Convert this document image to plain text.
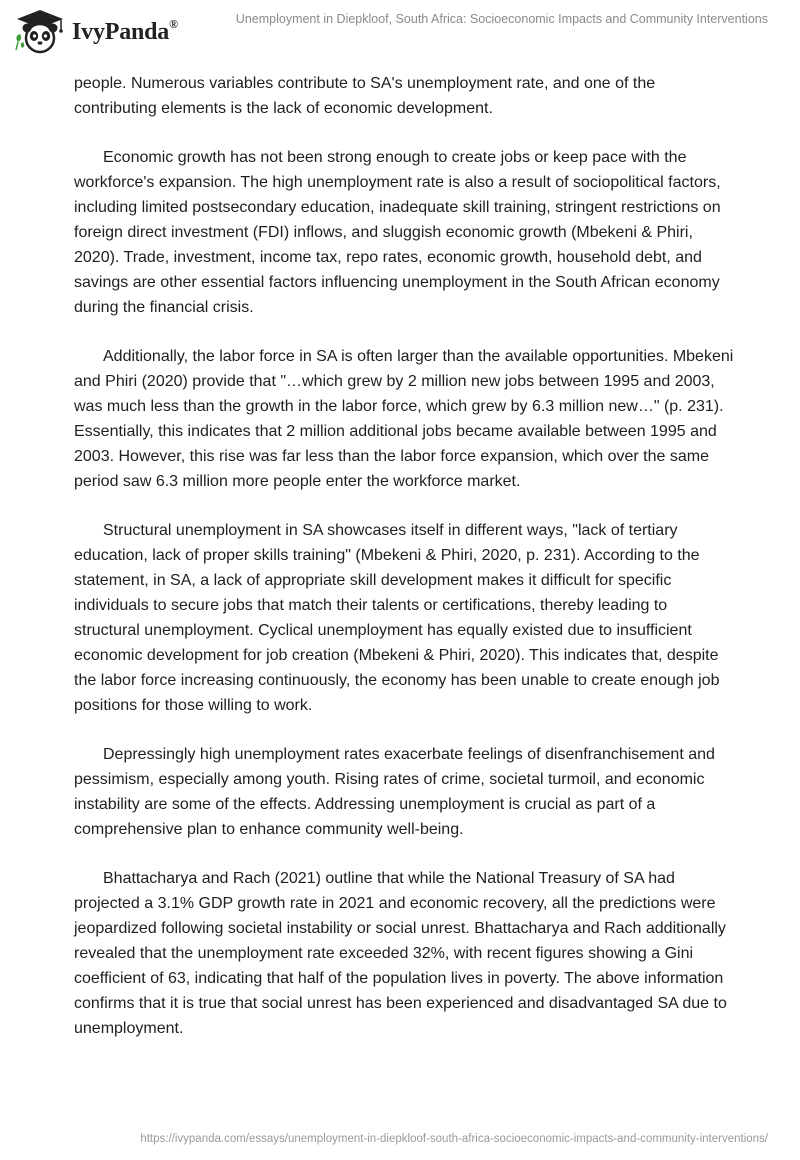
IvyPanda®	Unemployment in Diepkloof, South Africa: Socioeconomic Impacts and Community Interventions

people. Numerous variables contribute to SA's unemployment rate, and one of the contributing elements is the lack of economic development.

Economic growth has not been strong enough to create jobs or keep pace with the workforce's expansion. The high unemployment rate is also a result of sociopolitical factors, including limited postsecondary education, inadequate skill training, stringent restrictions on foreign direct investment (FDI) inflows, and sluggish economic growth (Mbekeni & Phiri, 2020). Trade, investment, income tax, repo rates, economic growth, household debt, and savings are other essential factors influencing unemployment in the South African economy during the financial crisis.

Additionally, the labor force in SA is often larger than the available opportunities. Mbekeni and Phiri (2020) provide that "…which grew by 2 million new jobs between 1995 and 2003, was much less than the growth in the labor force, which grew by 6.3 million new…" (p. 231). Essentially, this indicates that 2 million additional jobs became available between 1995 and 2003. However, this rise was far less than the labor force expansion, which over the same period saw 6.3 million more people enter the workforce market.

Structural unemployment in SA showcases itself in different ways, "lack of tertiary education, lack of proper skills training" (Mbekeni & Phiri, 2020, p. 231). According to the statement, in SA, a lack of appropriate skill development makes it difficult for specific individuals to secure jobs that match their talents or certifications, thereby leading to structural unemployment. Cyclical unemployment has equally existed due to insufficient economic development for job creation (Mbekeni & Phiri, 2020). This indicates that, despite the labor force increasing continuously, the economy has been unable to create enough job positions for those willing to work.

Depressingly high unemployment rates exacerbate feelings of disenfranchisement and pessimism, especially among youth. Rising rates of crime, societal turmoil, and economic instability are some of the effects. Addressing unemployment is crucial as part of a comprehensive plan to enhance community well-being.

Bhattacharya and Rach (2021) outline that while the National Treasury of SA had projected a 3.1% GDP growth rate in 2021 and economic recovery, all the predictions were jeopardized following societal instability or social unrest. Bhattacharya and Rach additionally revealed that the unemployment rate exceeded 32%, with recent figures showing a Gini coefficient of 63, indicating that half of the population lives in poverty. The above information confirms that it is true that social unrest has been experienced and disadvantaged SA due to unemployment.

https://ivypanda.com/essays/unemployment-in-diepkloof-south-africa-socioeconomic-impacts-and-community-interventions/
